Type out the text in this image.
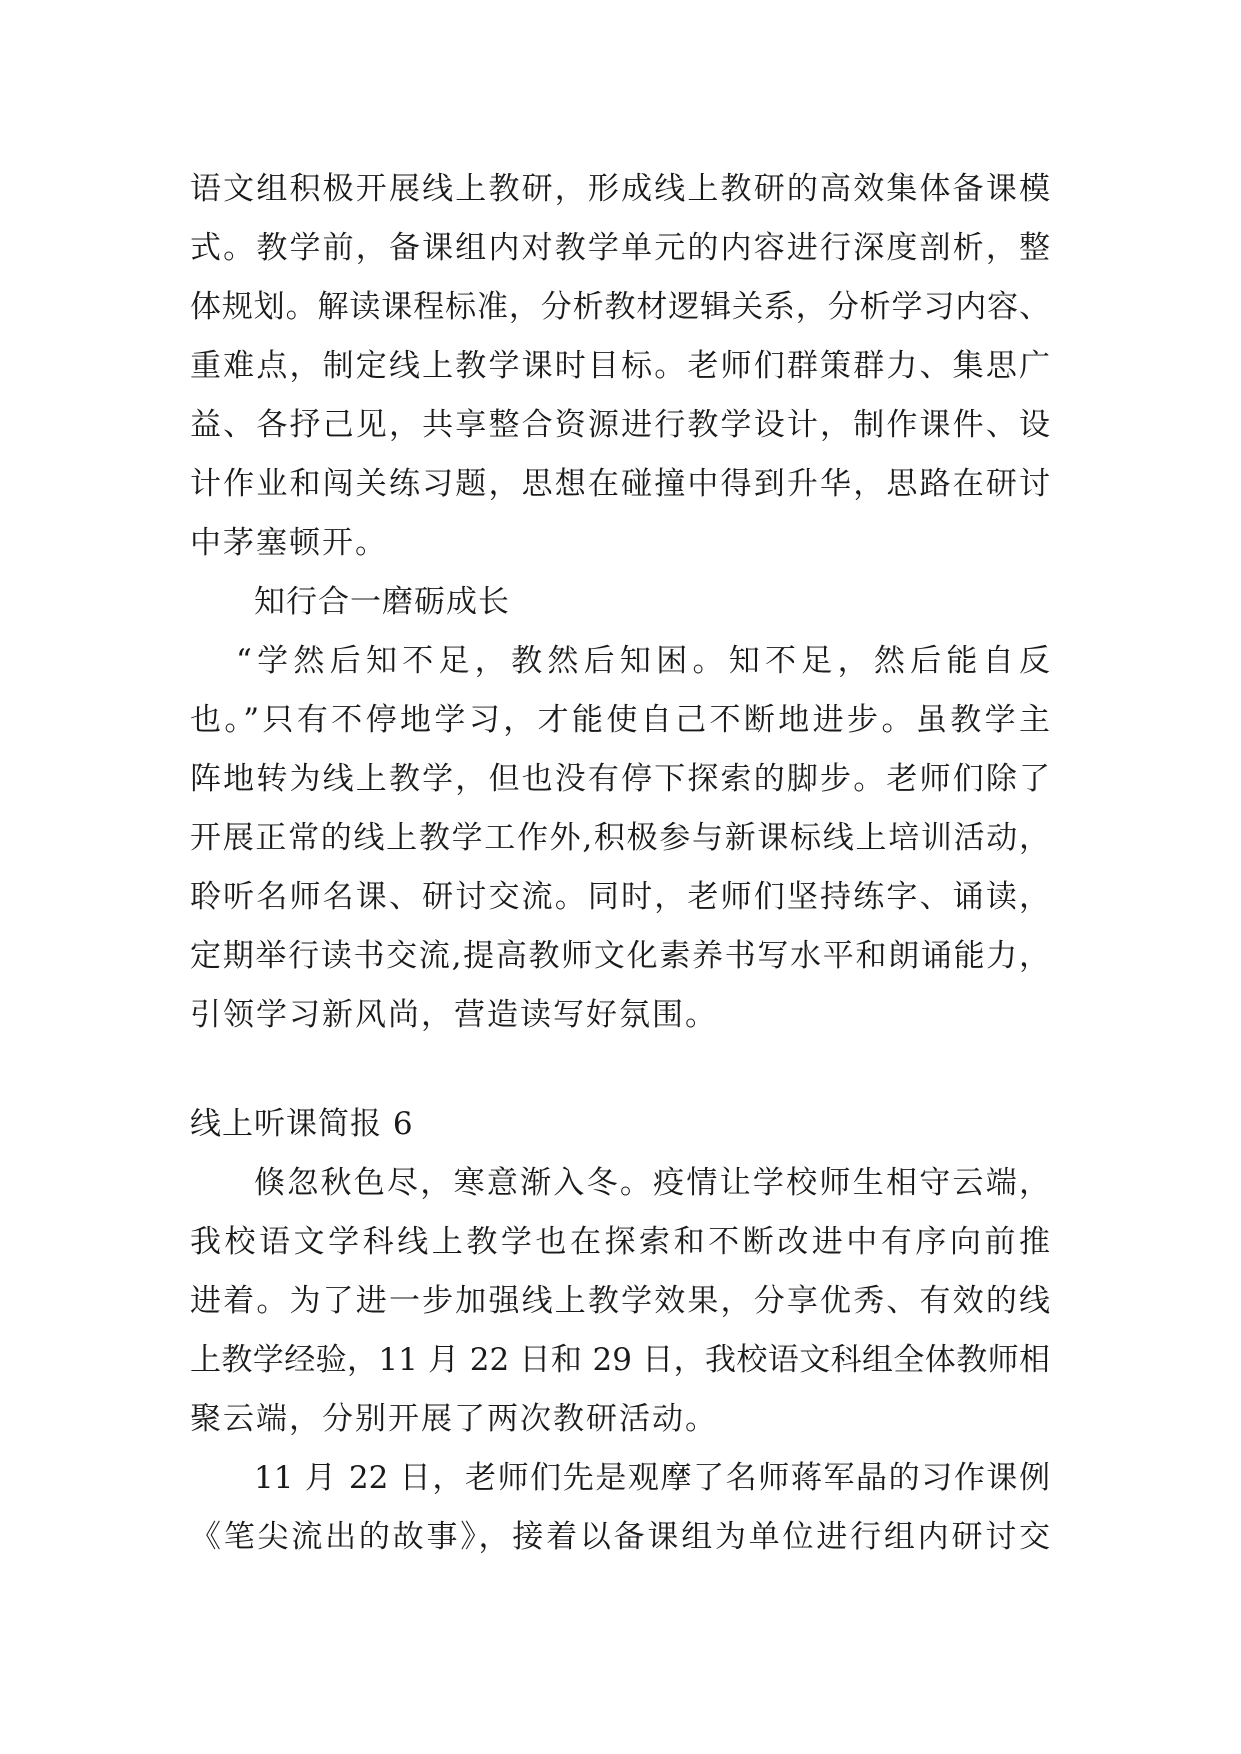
语文组积极开展线上教研，形成线上教研的高效集体备课模
式。教学前，备课组内对教学单元的内容进行深度剖析，整
体规划。解读课程标准，分析教材逻辑关系，分析学习内容、
重难点，制定线上教学课时目标。老师们群策群力、集思广
益、各抒己见，共享整合资源进行教学设计，制作课件、设
计作业和闯关练习题，思想在碰撞中得到升华，思路在研讨
中茅塞顿开。
知行合一磨砺成长
“学然后知不足，教然后知困。知不足，然后能自反
也。”只有不停地学习，才能使自己不断地进步。虽教学主
阵地转为线上教学，但也没有停下探索的脚步。老师们除了
开展正常的线上教学工作外,积极参与新课标线上培训活动，
聆听名师名课、研讨交流。同时，老师们坚持练字、诵读，
定期举行读书交流,提高教师文化素养书写水平和朗诵能力，
引领学习新风尚，营造读写好氛围。
线上听课简报 6
倏忽秋色尽，寒意渐入冬。疫情让学校师生相守云端，
我校语文学科线上教学也在探索和不断改进中有序向前推
进着。为了进一步加强线上教学效果，分享优秀、有效的线
上教学经验，11 月 22 日和 29 日，我校语文科组全体教师相
聚云端，分别开展了两次教研活动。
11 月 22 日，老师们先是观摩了名师蒋军晶的习作课例
《笔尖流出的故事》，接着以备课组为单位进行组内研讨交
